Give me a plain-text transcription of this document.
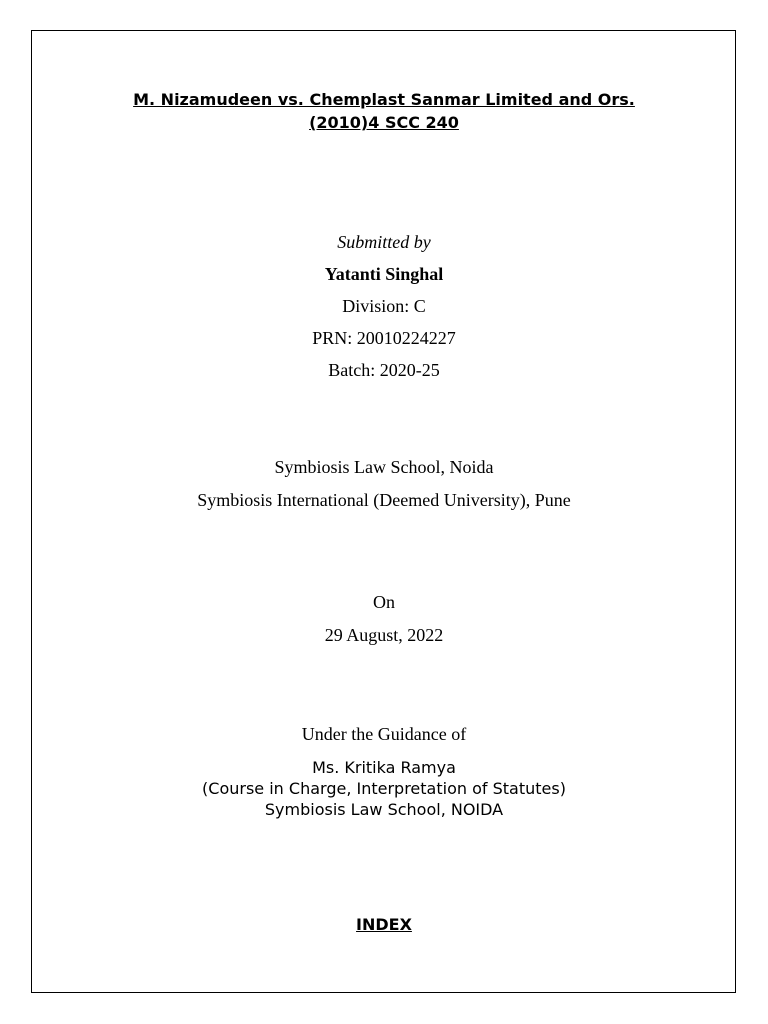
M. Nizamudeen vs. Chemplast Sanmar Limited and Ors.
(2010)4 SCC 240
Submitted by
Yatanti Singhal
Division: C
PRN: 20010224227
Batch: 2020-25
Symbiosis Law School, Noida
Symbiosis International (Deemed University), Pune
On
29 August, 2022
Under the Guidance of
Ms. Kritika Ramya
(Course in Charge, Interpretation of Statutes)
Symbiosis Law School, NOIDA
INDEX
